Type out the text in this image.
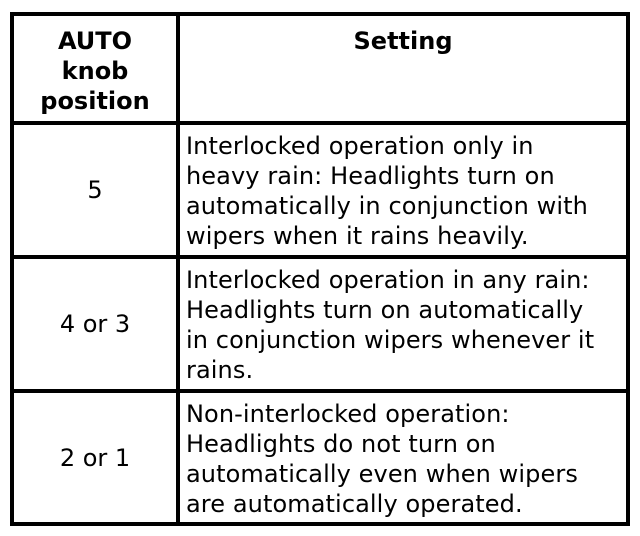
AUTO
knob
position	Setting
5	Interlocked operation only in
heavy rain: Headlights turn on
automatically in conjunction with
wipers when it rains heavily.

4 or 3	Interlocked operation in any rain:
Headlights turn on automatically
in conjunction wipers whenever it
rains.

2 or 1	Non-interlocked operation:
Headlights do not turn on
automatically even when wipers
are automatically operated.
